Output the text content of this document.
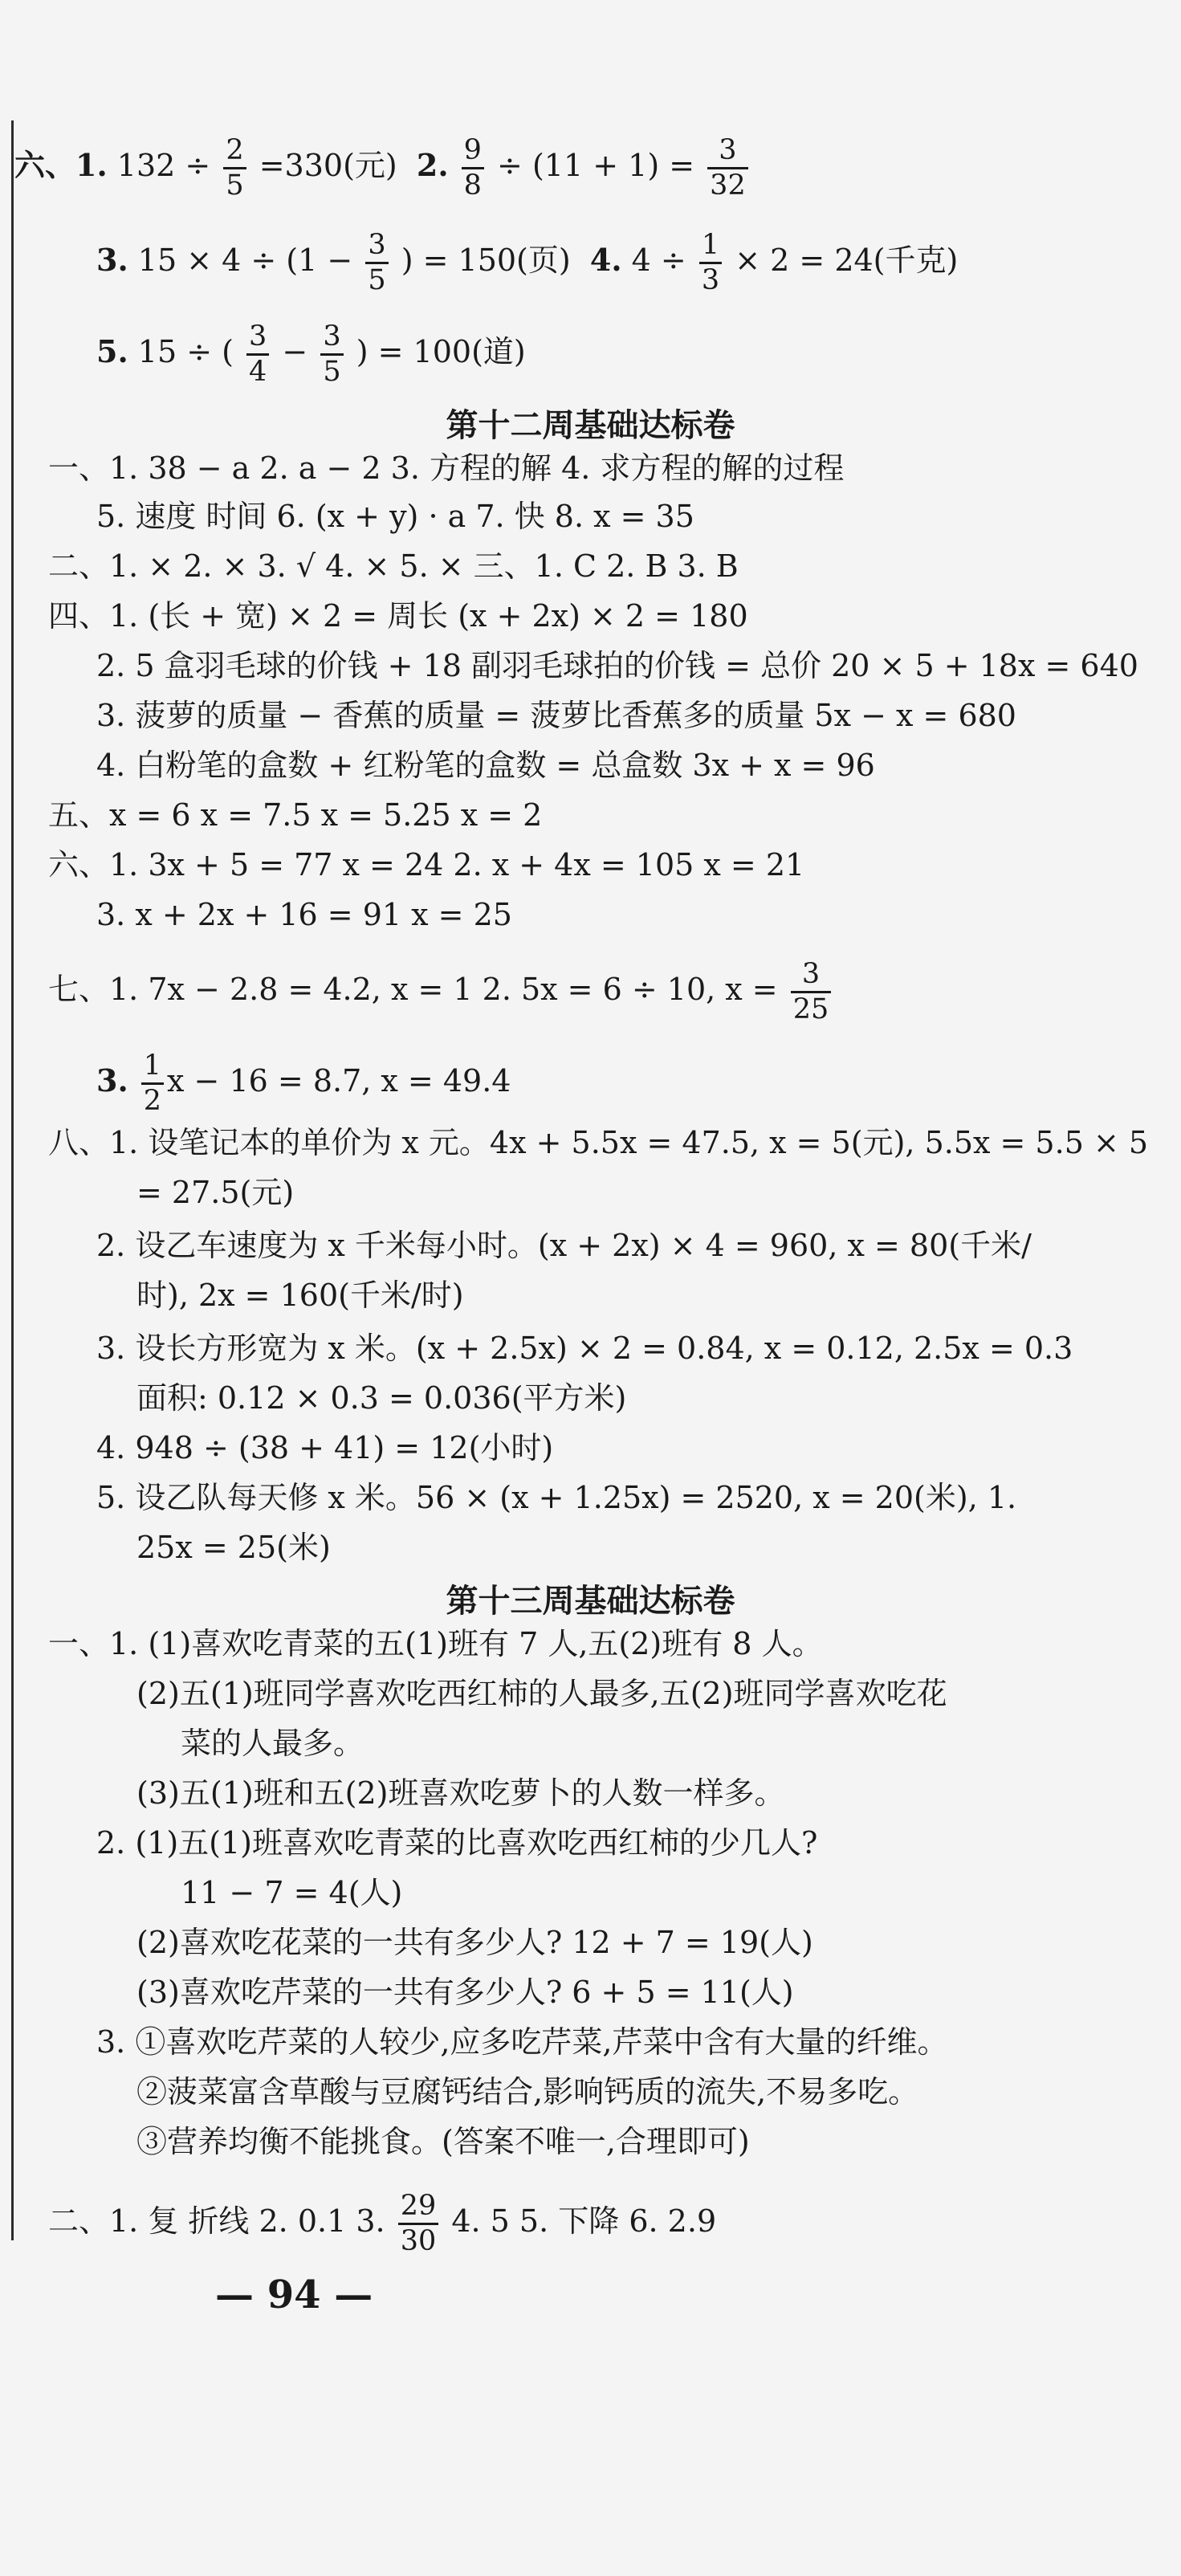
六、1. $132 \div \frac{2}{5} =330$(元) 2. $\frac{9}{8} \div (11 + 1) = \frac{3}{32}$
3. $15 \times 4 \div (1 - \frac{3}{5}$ ) = 150(页) 4. $4 \div \frac{1}{3} \times 2 = 24$(千克)
5. 15 ÷ ( $\frac{3}{4} - \frac{3}{5}$ ) = 100(道)
第十二周基础达标卷
一、1. 38 − a 2. a − 2 3. 方程的解 4. 求方程的解的过程
5. 速度 时间 6. (x + y) · a 7. 快 8. x = 35
二、1. × 2. × 3. √ 4. × 5. × 三、1. C 2. B 3. B
四、1. (长 + 宽) × 2 = 周长 (x + 2x) × 2 = 180
2. 5 盒羽毛球的价钱 + 18 副羽毛球拍的价钱 = 总价 20 × 5 + 18x = 640
3. 菠萝的质量 − 香蕉的质量 = 菠萝比香蕉多的质量 5x − x = 680
4. 白粉笔的盒数 + 红粉笔的盒数 = 总盒数 3x + x = 96
五、x = 6 x = 7.5 x = 5.25 x = 2
六、1. 3x + 5 = 77 x = 24 2. x + 4x = 105 x = 21
3. x + 2x + 16 = 91 x = 25
七、1. 7x − 2.8 = 4.2, x = 1 2. 5x = 6 ÷ 10, $x = \frac{3}{25}$
3. $\frac{1}{2}$ x − 16 = 8.7, x = 49.4
八、1. 设笔记本的单价为 x 元。4x + 5.5x = 47.5, x = 5(元), 5.5x = 5.5 × 5
= 27.5(元)
2. 设乙车速度为 x 千米每小时。(x + 2x) × 4 = 960, x = 80(千米/
时), 2x = 160(千米/时)
3. 设长方形宽为 x 米。(x + 2.5x) × 2 = 0.84, x = 0.12, 2.5x = 0.3
面积: 0.12 × 0.3 = 0.036(平方米)
4. 948 ÷ (38 + 41) = 12(小时)
5. 设乙队每天修 x 米。56 × (x + 1.25x) = 2520, x = 20(米), 1.
25x = 25(米)
第十三周基础达标卷
一、1. (1)喜欢吃青菜的五(1)班有 7 人,五(2)班有 8 人。
(2)五(1)班同学喜欢吃西红柿的人最多,五(2)班同学喜欢吃花
菜的人最多。
(3)五(1)班和五(2)班喜欢吃萝卜的人数一样多。
2. (1)五(1)班喜欢吃青菜的比喜欢吃西红柿的少几人?
11 − 7 = 4(人)
(2)喜欢吃花菜的一共有多少人? 12 + 7 = 19(人)
(3)喜欢吃芹菜的一共有多少人? 6 + 5 = 11(人)
3. ①喜欢吃芹菜的人较少,应多吃芹菜,芹菜中含有大量的纤维。
②菠菜富含草酸与豆腐钙结合,影响钙质的流失,不易多吃。
③营养均衡不能挑食。(答案不唯一,合理即可)
二、1. 复 折线 2. 0.1 3. $\frac{29}{30} 4$. 5 5. 下降 6. 2.9
— 94 —
